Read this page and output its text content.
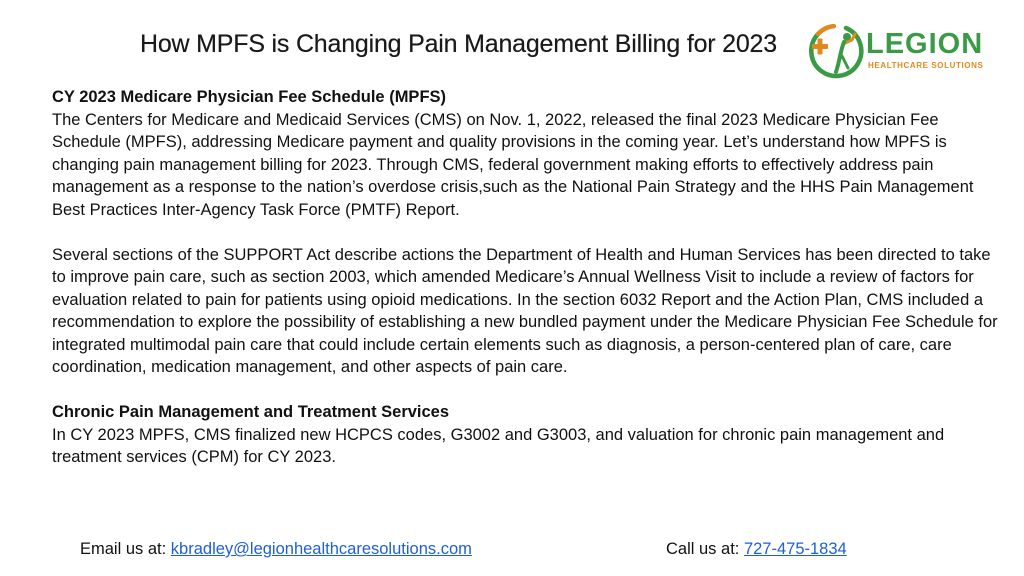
How MPFS is Changing Pain Management Billing for 2023	LEGION
HEALTHCARE SOLUTIONS

CY 2023 Medicare Physician Fee Schedule (MPFS)
The Centers for Medicare and Medicaid Services (CMS) on Nov. 1, 2022, released the final 2023 Medicare Physician Fee Schedule (MPFS), addressing Medicare payment and quality provisions in the coming year. Let’s understand how MPFS is changing pain management billing for 2023. Through CMS, federal government making efforts to effectively address pain management as a response to the nation’s overdose crisis,such as the National Pain Strategy and the HHS Pain Management Best Practices Inter-Agency Task Force (PMTF) Report.

Several sections of the SUPPORT Act describe actions the Department of Health and Human Services has been directed to take to improve pain care, such as section 2003, which amended Medicare’s Annual Wellness Visit to include a review of factors for evaluation related to pain for patients using opioid medications. In the section 6032 Report and the Action Plan, CMS included a recommendation to explore the possibility of establishing a new bundled payment under the Medicare Physician Fee Schedule for integrated multimodal pain care that could include certain elements such as diagnosis, a person-centered plan of care, care coordination, medication management, and other aspects of pain care.

Chronic Pain Management and Treatment Services
In CY 2023 MPFS, CMS finalized new HCPCS codes, G3002 and G3003, and valuation for chronic pain management and treatment services (CPM) for CY 2023.

Email us at: kbradley@legionhealthcaresolutions.com	Call us at: 727-475-1834
